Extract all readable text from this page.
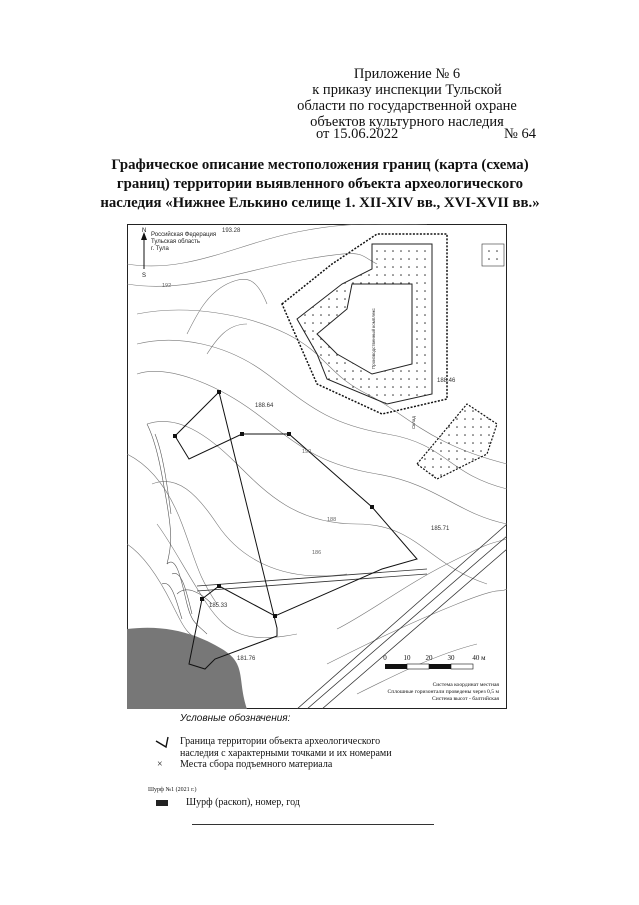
Приложение № 6
к приказу инспекции Тульской
области по государственной охране
объектов культурного наследия
от 15.06.2022	№ 64
Графическое описание местоположения границ (карта (схема)
границ) территории выявленного объекта археологического
наследия «Нижнее Елькино селище 1. XII-XIV вв., XVI-XVII вв.»
193.28
188.64
188.46
185.33
181.76
185.71
192
190
188
186
Производственный комплекс
Склад
N
S
0 10 20 30	40 м
Система координат местная
Сплошные горизонтали проведены через 0,5 м
Система высот - балтийская
Российская Федерация
Тульская область
г. Тула
Условные обозначения:
Граница территории объекта археологического
наследия с характерными точками и их номерами
× Места сбора подъемного материала
Шурф №1 (2021 г.)
Шурф (раскоп), номер, год
